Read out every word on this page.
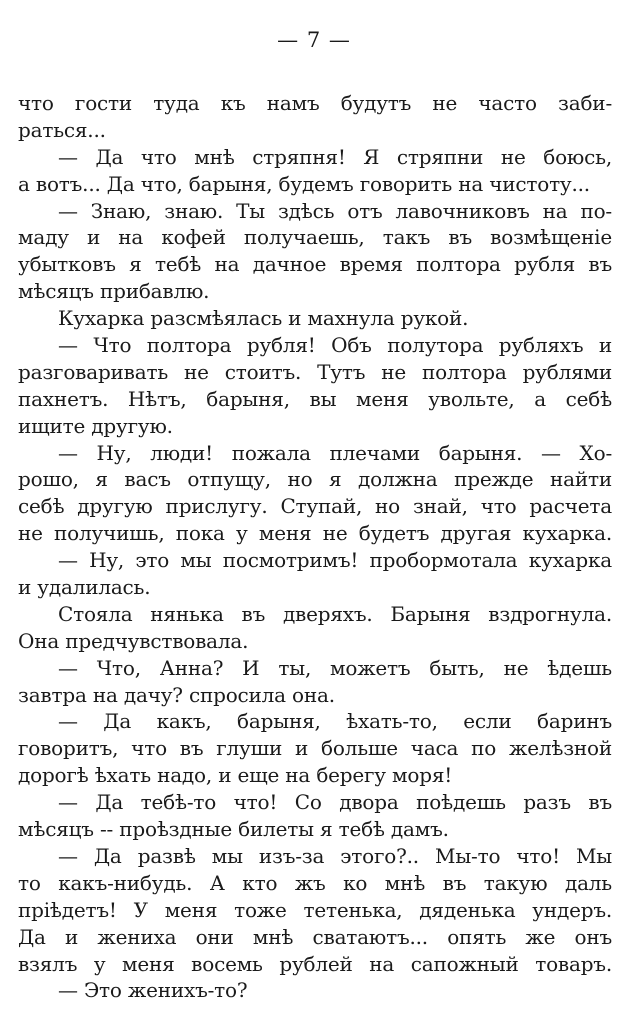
— 7 —
что гости туда къ намъ будутъ не часто заби-
раться...
— Да что мнѣ стряпня! Я стряпни не боюсь,
а вотъ... Да что, барыня, будемъ говорить на чистоту...
— Знаю, знаю. Ты здѣсь отъ лавочниковъ на по-
маду и на кофей получаешь, такъ въ возмѣщеніе
убытковъ я тебѣ на дачное время полтора рубля въ
мѣсяцъ прибавлю.
Кухарка разсмѣялась и махнула рукой.
— Что полтора рубля! Объ полутора рубляхъ и
разговаривать не стоитъ. Тутъ не полтора рублями
пахнетъ. Нѣтъ, барыня, вы меня увольте, а себѣ
ищите другую.
— Ну, люди! пожала плечами барыня. — Хо-
рошо, я васъ отпущу, но я должна прежде найти
себѣ другую прислугу. Ступай, но знай, что расчета
не получишь, пока у меня не будетъ другая кухарка.
— Ну, это мы посмотримъ! пробормотала кухарка
и удалилась.
Стояла нянька въ дверяхъ. Барыня вздрогнула.
Она предчувствовала.
— Что, Анна? И ты, можетъ быть, не ѣдешь
завтра на дачу? спросила она.
— Да какъ, барыня, ѣхать-то, если баринъ
говоритъ, что въ глуши и больше часа по желѣзной
дорогѣ ѣхать надо, и еще на берегу моря!
— Да тебѣ-то что! Со двора поѣдешь разъ въ
мѣсяцъ -- проѣздные билеты я тебѣ дамъ.
— Да развѣ мы изъ-за этого?.. Мы-то что! Мы
то какъ-нибудь. А кто жъ ко мнѣ въ такую даль
пріѣдетъ! У меня тоже тетенька, дяденька ундеръ.
Да и жениха они мнѣ сватаютъ... опять же онъ
взялъ у меня восемь рублей на сапожный товаръ.
— Это женихъ-то?
